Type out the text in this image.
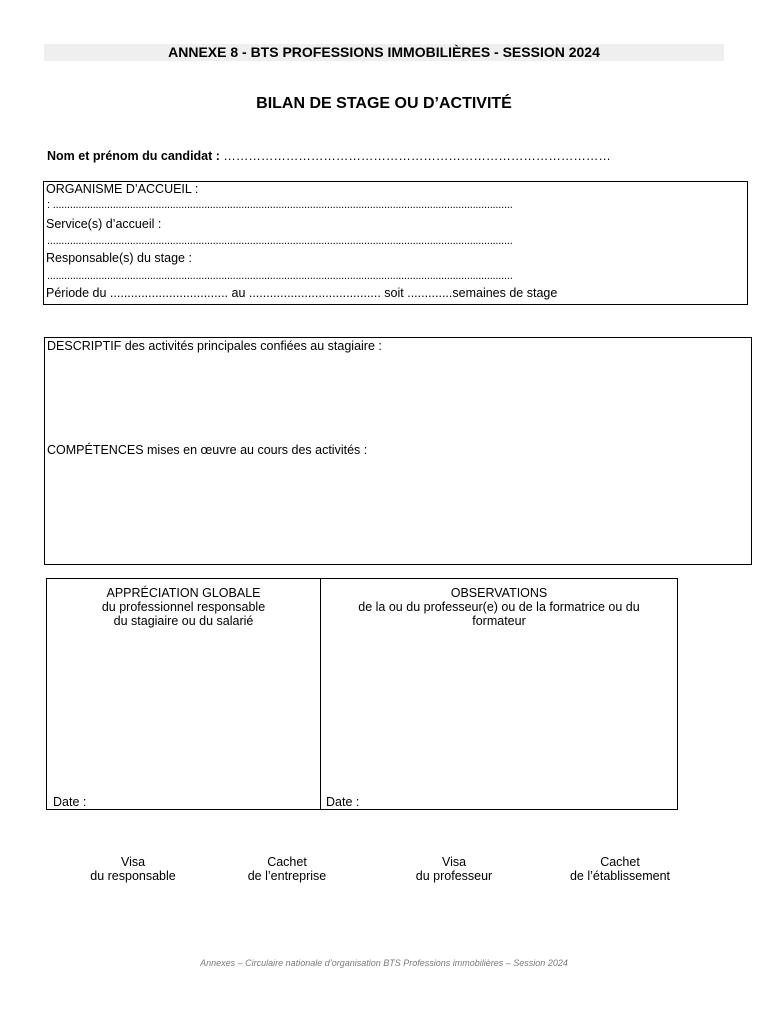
ANNEXE 8 - BTS PROFESSIONS IMMOBILIÈRES - SESSION 2024
BILAN DE STAGE OU D’ACTIVITÉ
Nom et prénom du candidat : …………………………………………………………………………………
ORGANISME D’ACCUEIL :
: .................................................................................................................................................................
Service(s) d’accueil :
...................................................................................................................................................................
Responsable(s) du stage :
...................................................................................................................................................................
Période du .................................. au ...................................... soit .............semaines de stage
DESCRIPTIF des activités principales confiées au stagiaire :
COMPÉTENCES mises en œuvre au cours des activités :
APPRÉCIATION GLOBALE
du professionnel responsable
du stagiaire ou du salarié
Date :
OBSERVATIONS
de la ou du professeur(e) ou de la formatrice ou du
formateur
Date :
Visa
du responsable
Cachet
de l’entreprise
Visa
du professeur
Cachet
de l’établissement
Annexes – Circulaire nationale d’organisation BTS Professions immobilières – Session 2024
